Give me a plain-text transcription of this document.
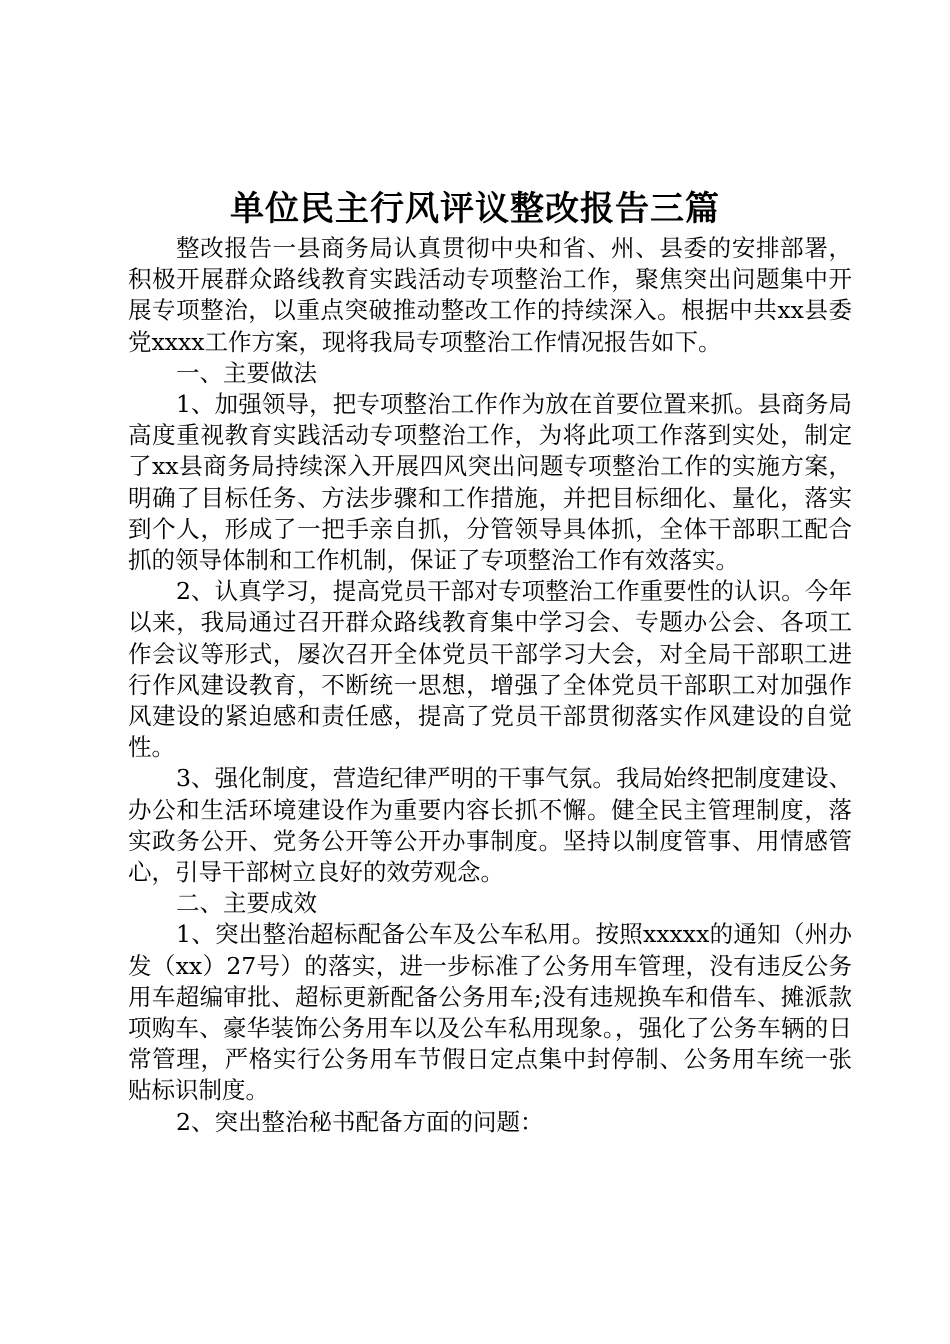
单位民主行风评议整改报告三篇

整改报告一县商务局认真贯彻中央和省、州、县委的安排部署，积极开展群众路线教育实践活动专项整治工作，聚焦突出问题集中开展专项整治，以重点突破推动整改工作的持续深入。根据中共xx县委党xxxx工作方案，现将我局专项整治工作情况报告如下。

一、主要做法

1、加强领导，把专项整治工作作为放在首要位置来抓。县商务局高度重视教育实践活动专项整治工作，为将此项工作落到实处，制定了xx县商务局持续深入开展四风突出问题专项整治工作的实施方案，明确了目标任务、方法步骤和工作措施，并把目标细化、量化，落实到个人，形成了一把手亲自抓，分管领导具体抓，全体干部职工配合抓的领导体制和工作机制，保证了专项整治工作有效落实。

2、认真学习，提高党员干部对专项整治工作重要性的认识。今年以来，我局通过召开群众路线教育集中学习会、专题办公会、各项工作会议等形式，屡次召开全体党员干部学习大会，对全局干部职工进行作风建设教育，不断统一思想，增强了全体党员干部职工对加强作风建设的紧迫感和责任感，提高了党员干部贯彻落实作风建设的自觉性。

3、强化制度，营造纪律严明的干事气氛。我局始终把制度建设、办公和生活环境建设作为重要内容长抓不懈。健全民主管理制度，落实政务公开、党务公开等公开办事制度。坚持以制度管事、用情感管心，引导干部树立良好的效劳观念。

二、主要成效

1、突出整治超标配备公车及公车私用。按照xxxxx的通知（州办发（xx）27号）的落实，进一步标准了公务用车管理，没有违反公务用车超编审批、超标更新配备公务用车;没有违规换车和借车、摊派款项购车、豪华装饰公务用车以及公车私用现象。，强化了公务车辆的日常管理，严格实行公务用车节假日定点集中封停制、公务用车统一张贴标识制度。

2、突出整治秘书配备方面的问题：
